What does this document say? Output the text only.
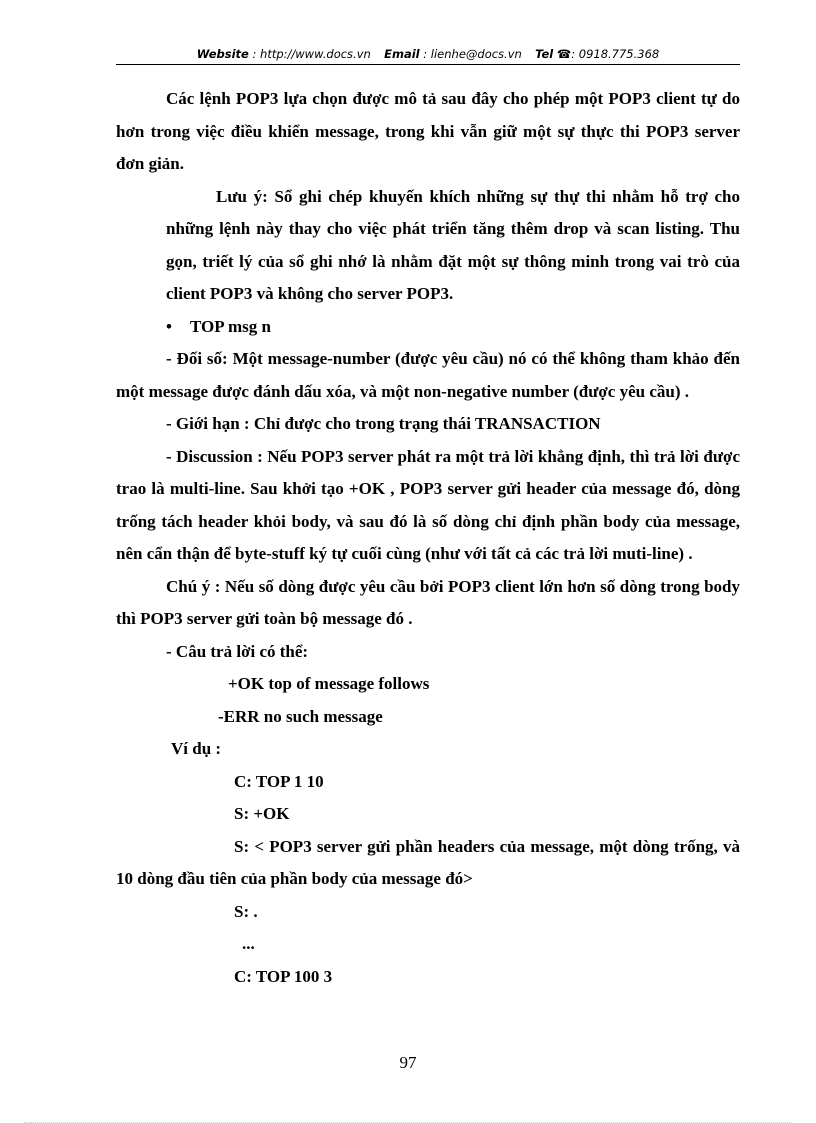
Website : http://www.docs.vn Email : lienhe@docs.vn Tel ☎: 0918.775.368

Các lệnh POP3 lựa chọn được mô tả sau đây cho phép một POP3 client tự do hơn trong việc điều khiển message, trong khi vẫn giữ một sự thực thi POP3 server đơn giản.

Lưu ý: Sổ ghi chép khuyến khích những sự thự thi nhằm hỗ trợ cho những lệnh này thay cho việc phát triển tăng thêm drop và scan listing. Thu gọn, triết lý của sổ ghi nhớ là nhằm đặt một sự thông minh trong vai trò của client POP3 và không cho server POP3.

• TOP msg n

- Đối số: Một message-number (được yêu cầu) nó có thể không tham khảo đến một message được đánh dấu xóa, và một non-negative number (được yêu cầu) .

- Giới hạn : Chỉ được cho trong trạng thái TRANSACTION

- Discussion : Nếu POP3 server phát ra một trả lời khẳng định, thì trả lời được trao là multi-line. Sau khởi tạo +OK , POP3 server gửi header của message đó, dòng trống tách header khỏi body, và sau đó là số dòng chỉ định phần body của message, nên cẩn thận để byte-stuff ký tự cuối cùng (như với tất cả các trả lời muti-line) .

Chú ý : Nếu số dòng được yêu cầu bởi POP3 client lớn hơn số dòng trong body thì POP3 server gửi toàn bộ message đó .

- Câu trả lời có thể:

+OK top of message follows

-ERR no such message

Ví dụ :

C: TOP 1 10

S: +OK

S: < POP3 server gửi phần headers của message, một dòng trống, và 10 dòng đầu tiên của phần body của message đó>

S: .

...

C: TOP 100 3

97
